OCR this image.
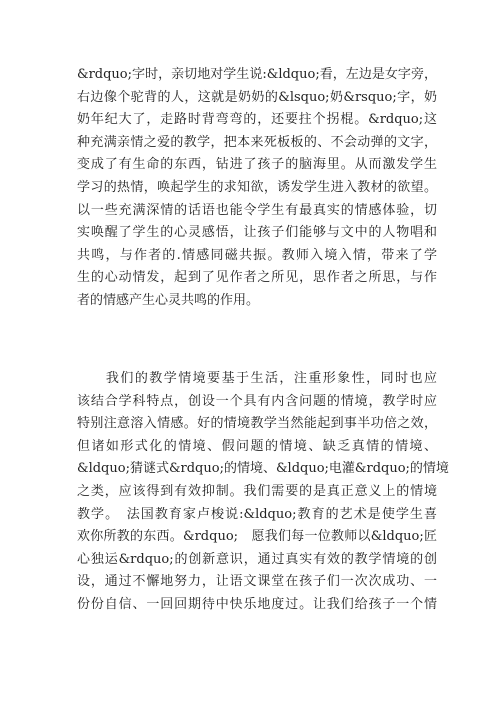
&rdquo;字时，亲切地对学生说:&ldquo;看，左边是女字旁，
右边像个驼背的人，这就是奶奶的&lsquo;奶&rsquo;字，奶
奶年纪大了，走路时背弯弯的，还要拄个拐棍。&rdquo;这
种充满亲情之爱的教学，把本来死板板的、不会动弹的文字，
变成了有生命的东西，钻进了孩子的脑海里。从而激发学生
学习的热情，唤起学生的求知欲，诱发学生进入教材的欲望。
以一些充满深情的话语也能令学生有最真实的情感体验，切
实唤醒了学生的心灵感悟，让孩子们能够与文中的人物唱和
共鸣，与作者的.情感同磁共振。教师入境入情，带来了学
生的心动情发，起到了见作者之所见，思作者之所思，与作
者的情感产生心灵共鸣的作用。
　　我们的教学情境要基于生活，注重形象性，同时也应
该结合学科特点，创设一个具有内含问题的情境，教学时应
特别注意溶入情感。好的情境教学当然能起到事半功倍之效，
但诸如形式化的情境、假问题的情境、缺乏真情的情境、
&ldquo;猜谜式&rdquo;的情境、&ldquo;电灌&rdquo;的情境
之类，应该得到有效抑制。我们需要的是真正意义上的情境
教学。　法国教育家卢梭说:&ldquo;教育的艺术是使学生喜
欢你所教的东西。&rdquo;　愿我们每一位教师以&ldquo;匠
心独运&rdquo;的创新意识，通过真实有效的教学情境的创
设，通过不懈地努力，让语文课堂在孩子们一次次成功、一
份份自信、一回回期待中快乐地度过。让我们给孩子一个情
